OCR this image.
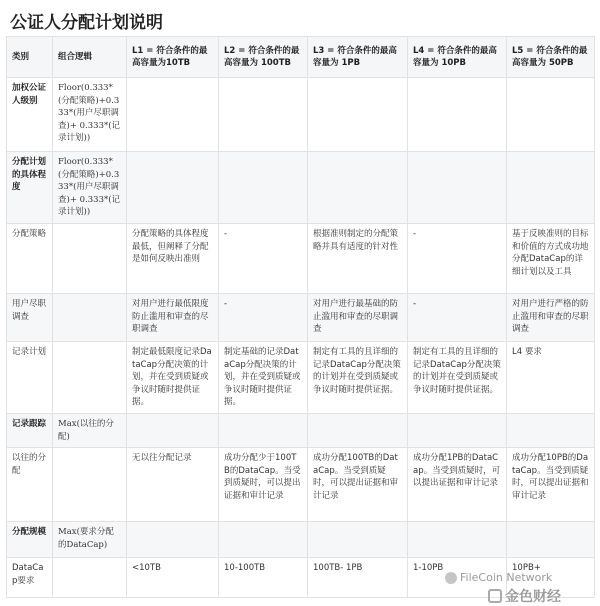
公证人分配计划说明
类别	组合逻辑	L1 = 符合条件的最高容量为10TB	L2 = 符合条件的最高容量为 100TB	L3 = 符合条件的最高容量为 1PB	L4 = 符合条件的最高容量为 10PB	L5 = 符合条件的最高容量为 50PB
加权公证人级别	Floor(0.333*(分配策略)+0.333*(用户尽职调查)+ 0.333*(记录计划))					
分配计划的具体程度	Floor(0.333*(分配策略)+0.333*(用户尽职调查)+ 0.333*(记录计划))					
分配策略		分配策略的具体程度最低，但阐释了分配是如何反映出准则	-	根据准则制定的分配策略并具有适度的针对性	-	基于反映准则的目标和价值的方式成功地分配DataCap的详细计划以及工具
用户尽职调查		对用户进行最低限度防止滥用和审查的尽职调查	-	对用户进行最基础的防止滥用和审查的尽职调查	-	对用户进行严格的防止滥用和审查的尽职调查
记录计划		制定最低限度记录DataCap分配决策的计划，并在受到质疑或争议时随时提供证据。	制定基础的记录DataCap分配决策的计划，并在受到质疑或争议时随时提供证据。	制定有工具的且详细的记录DataCap分配决策的计划并在受到质疑或争议时随时提供证据。	制定有工具的且详细的记录DataCap分配决策的计划并在受到质疑或争议时随时提供证据。	L4 要求
记录跟踪	Max(以往的分配)					
以往的分配		无以往分配记录	成功分配少于100TB的DataCap。当受到质疑时，可以提出证据和审计记录	成功分配100TB的DataCap。当受到质疑时，可以提出证据和审计记录	成功分配1PB的DataCap。当受到质疑时，可以提出证据和审计记录	成功分配10PB的DataCap。当受到质疑时，可以提出证据和审计记录
分配规模	Max(要求分配的DataCap)					
DataCap要求		<10TB	10-100TB	100TB- 1PB	1-10PB	10PB+
FileCoin Network
金色财经
